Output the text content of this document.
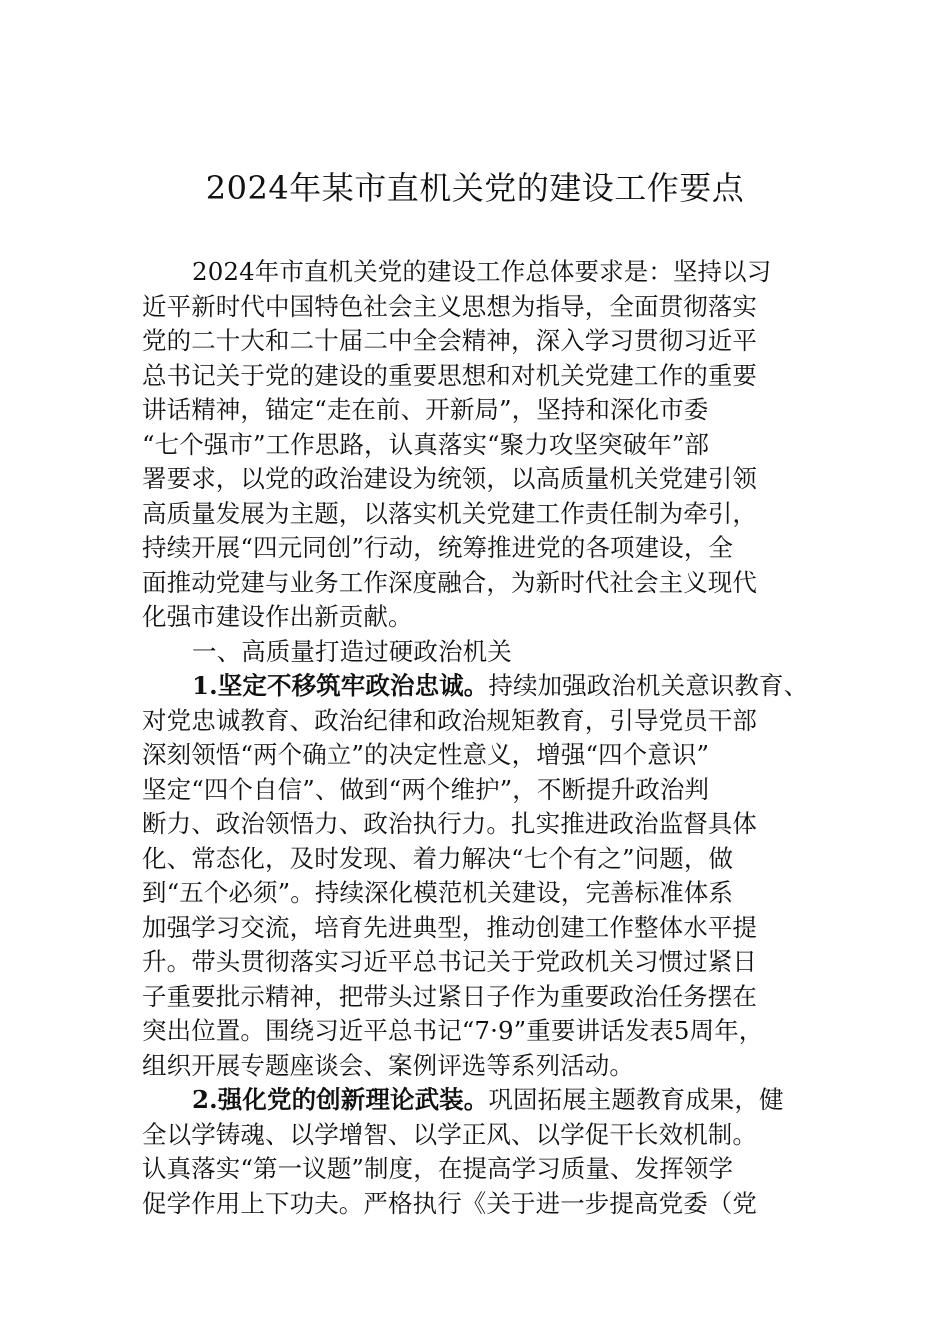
2024年某市直机关党的建设工作要点
2024年市直机关党的建设工作总体要求是：坚持以习
近平新时代中国特色社会主义思想为指导，全面贯彻落实
党的二十大和二十届二中全会精神，深入学习贯彻习近平
总书记关于党的建设的重要思想和对机关党建工作的重要
讲话精神，锚定“走在前、开新局”，坚持和深化市委
“七个强市”工作思路，认真落实“聚力攻坚突破年”部
署要求，以党的政治建设为统领，以高质量机关党建引领
高质量发展为主题，以落实机关党建工作责任制为牵引，
持续开展“四元同创”行动，统筹推进党的各项建设，全
面推动党建与业务工作深度融合，为新时代社会主义现代
化强市建设作出新贡献。
一、高质量打造过硬政治机关
1.坚定不移筑牢政治忠诚。持续加强政治机关意识教育、
对党忠诚教育、政治纪律和政治规矩教育，引导党员干部
深刻领悟“两个确立”的决定性意义，增强“四个意识”
坚定“四个自信”、做到“两个维护”，不断提升政治判
断力、政治领悟力、政治执行力。扎实推进政治监督具体
化、常态化，及时发现、着力解决“七个有之”问题，做
到“五个必须”。持续深化模范机关建设，完善标准体系
加强学习交流，培育先进典型，推动创建工作整体水平提
升。带头贯彻落实习近平总书记关于党政机关习惯过紧日
子重要批示精神，把带头过紧日子作为重要政治任务摆在
突出位置。围绕习近平总书记“7·9”重要讲话发表5周年，
组织开展专题座谈会、案例评选等系列活动。
2.强化党的创新理论武装。巩固拓展主题教育成果，健
全以学铸魂、以学增智、以学正风、以学促干长效机制。
认真落实“第一议题”制度，在提高学习质量、发挥领学
促学作用上下功夫。严格执行《关于进一步提高党委（党
